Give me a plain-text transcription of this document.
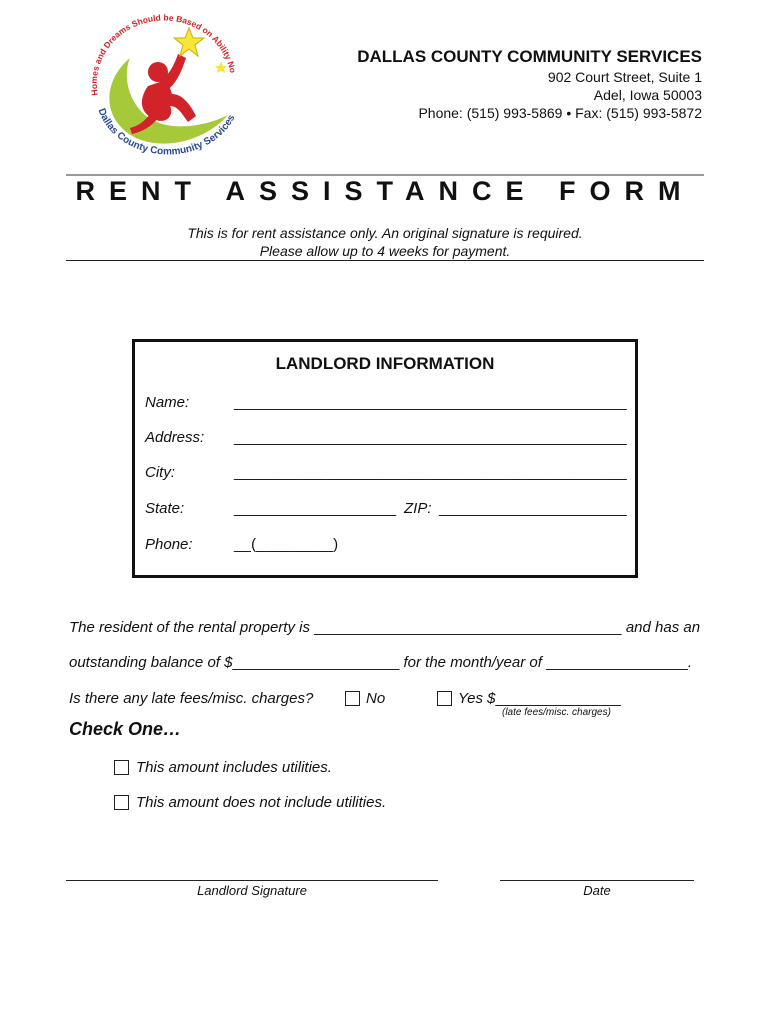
Homes and Dreams Should be Based on Ability No
Dallas County Community Services
DALLAS COUNTY COMMUNITY SERVICES
902 Court Street, Suite 1
Adel, Iowa 50003
Phone: (515) 993-5869 • Fax: (515) 993-5872
RENT ASSISTANCE FORM
This is for rent assistance only. An original signature is required.
Please allow up to 4 weeks for payment.
LANDLORD INFORMATION
Name:	______________________________________________
Address: ______________________________________________
City:	______________________________________________
State:	___________________ ZIP: ______________________
Phone:	__(_________)
The resident of the rental property is ____________________________________ and has an
outstanding balance of $____________________ for the month/year of _________________.
Is there any late fees/misc. charges?	No	Yes $_______________
(late fees/misc. charges)
Check One…
This amount includes utilities.
This amount does not include utilities.
Landlord Signature	Date
